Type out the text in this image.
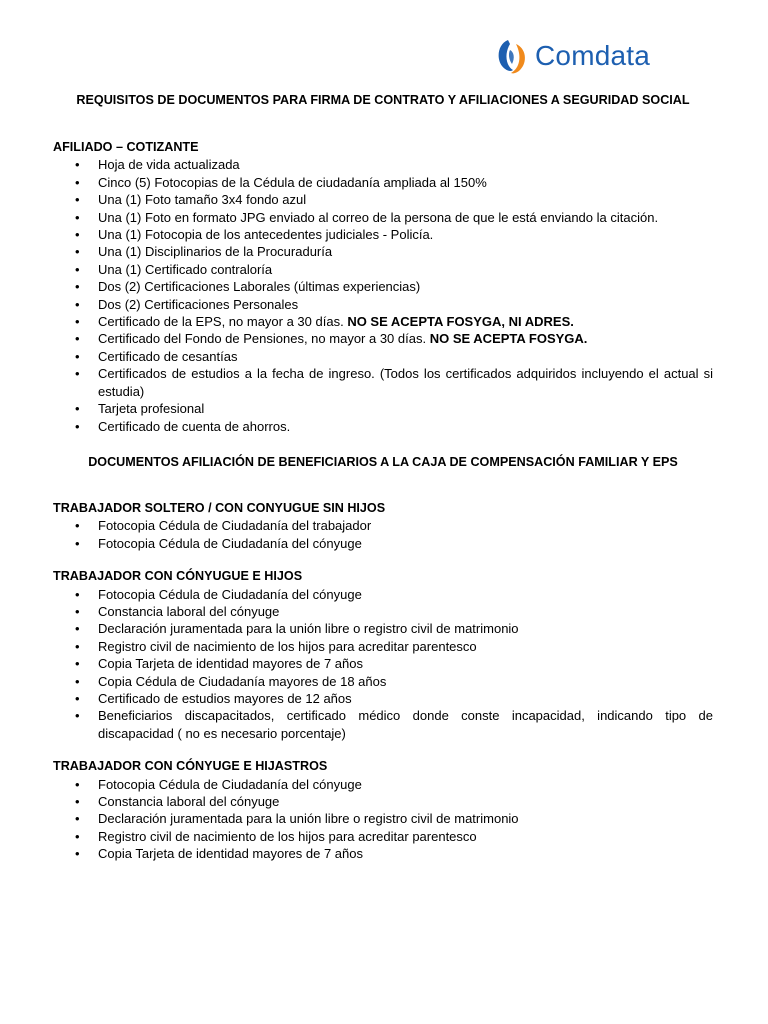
Comdata

REQUISITOS DE DOCUMENTOS PARA FIRMA DE CONTRATO Y AFILIACIONES A SEGURIDAD SOCIAL

AFILIADO – COTIZANTE

• Hoja de vida actualizada
• Cinco (5) Fotocopias de la Cédula de ciudadanía ampliada al 150%
• Una (1) Foto tamaño 3x4 fondo azul
• Una (1) Foto en formato JPG enviado al correo de la persona de que le está enviando la citación.
• Una (1) Fotocopia de los antecedentes judiciales - Policía.
• Una (1) Disciplinarios de la Procuraduría
• Una (1) Certificado contraloría
• Dos (2) Certificaciones Laborales (últimas experiencias)
• Dos (2) Certificaciones Personales
• Certificado de la EPS, no mayor a 30 días. NO SE ACEPTA FOSYGA, NI ADRES.
• Certificado del Fondo de Pensiones, no mayor a 30 días. NO SE ACEPTA FOSYGA.
• Certificado de cesantías
• Certificados de estudios a la fecha de ingreso. (Todos los certificados adquiridos incluyendo el actual si estudia)
• Tarjeta profesional
• Certificado de cuenta de ahorros.

DOCUMENTOS AFILIACIÓN DE BENEFICIARIOS A LA CAJA DE COMPENSACIÓN FAMILIAR Y EPS

TRABAJADOR SOLTERO / CON CONYUGUE SIN HIJOS

• Fotocopia Cédula de Ciudadanía del trabajador
• Fotocopia Cédula de Ciudadanía del cónyuge

TRABAJADOR CON CÓNYUGUE E HIJOS

• Fotocopia Cédula de Ciudadanía del cónyuge
• Constancia laboral del cónyuge
• Declaración juramentada para la unión libre o registro civil de matrimonio
• Registro civil de nacimiento de los hijos para acreditar parentesco
• Copia Tarjeta de identidad mayores de 7 años
• Copia Cédula de Ciudadanía mayores de 18 años
• Certificado de estudios mayores de 12 años
• Beneficiarios discapacitados, certificado médico donde conste incapacidad, indicando tipo de discapacidad ( no es necesario porcentaje)

TRABAJADOR CON CÓNYUGE E HIJASTROS

• Fotocopia Cédula de Ciudadanía del cónyuge
• Constancia laboral del cónyuge
• Declaración juramentada para la unión libre o registro civil de matrimonio
• Registro civil de nacimiento de los hijos para acreditar parentesco
• Copia Tarjeta de identidad mayores de 7 años
